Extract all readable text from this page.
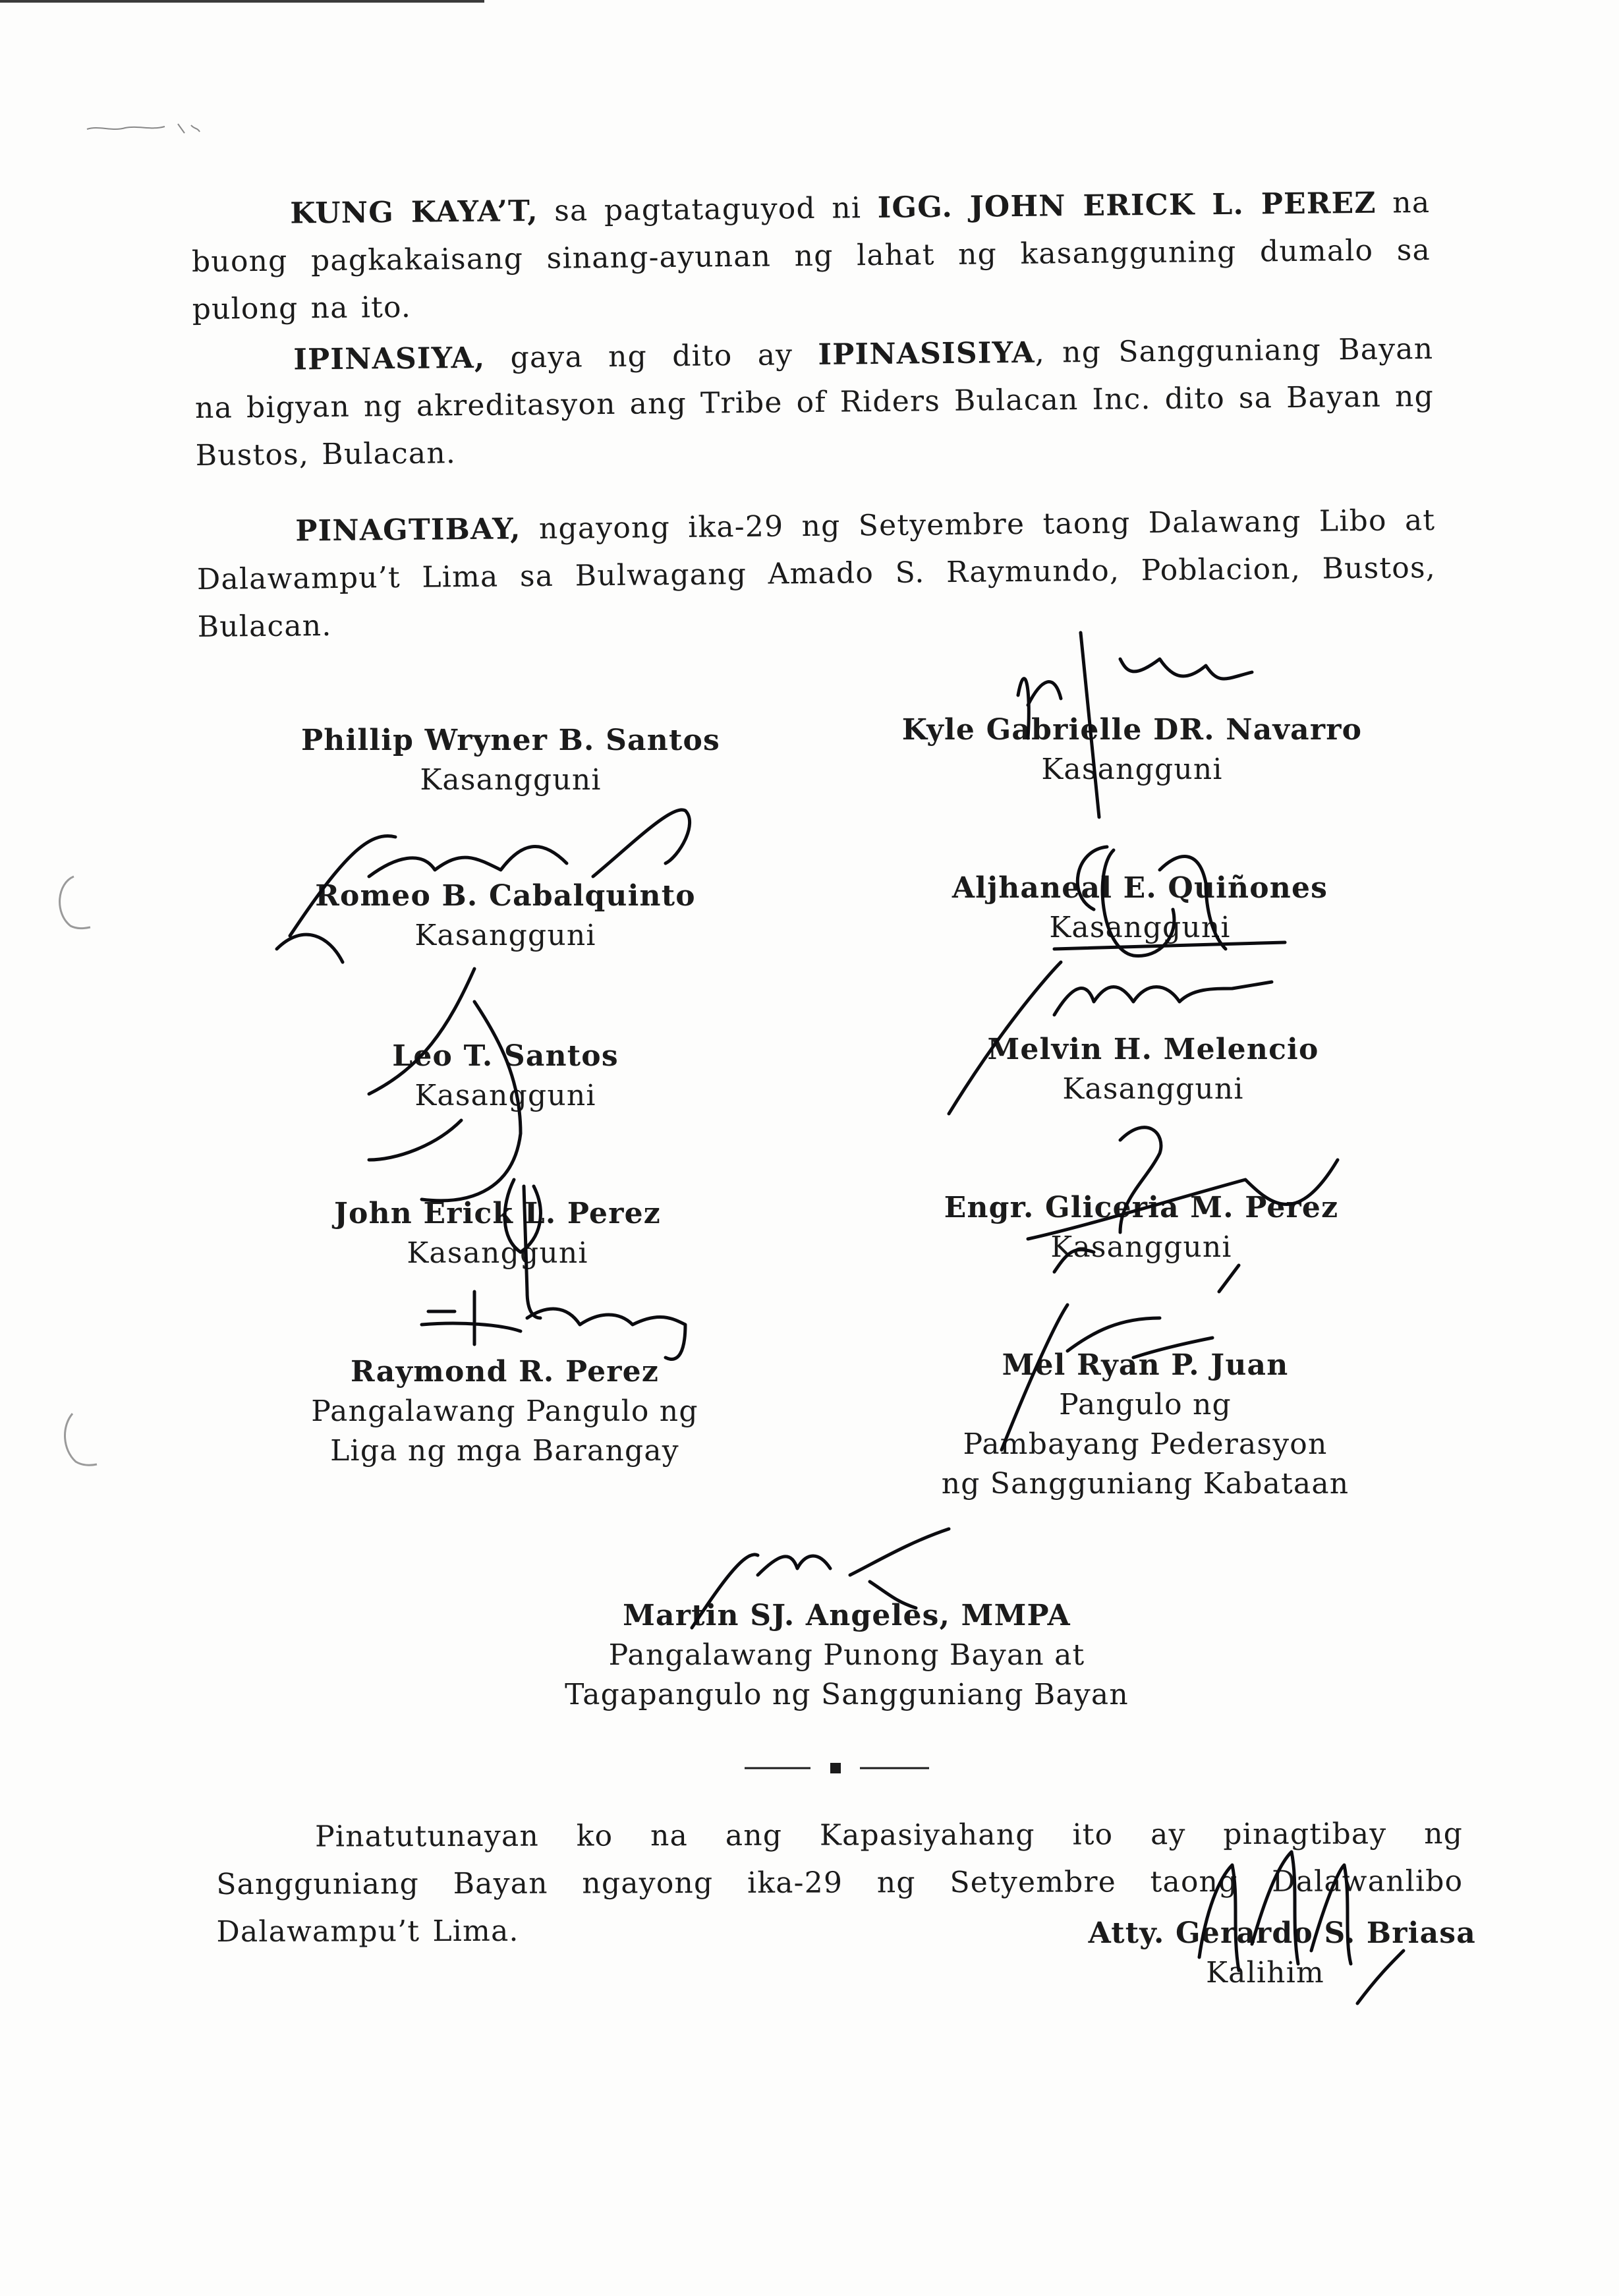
KUNG KAYA’T, sa pagtataguyod ni IGG. JOHN ERICK L. PEREZ na buong pagkakaisang sinang-ayunan ng lahat ng kasangguning dumalo sa pulong na ito.

IPINASIYA, gaya ng dito ay IPINASISIYA, ng Sangguniang Bayan na bigyan ng akreditasyon ang Tribe of Riders Bulacan Inc. dito sa Bayan ng Bustos, Bulacan.

PINAGTIBAY, ngayong ika-29 ng Setyembre taong Dalawang Libo at Dalawampu’t Lima sa Bulwagang Amado S. Raymundo, Poblacion, Bustos, Bulacan.

Phillip Wryner B. Santos
Kasangguni
Kyle Gabrielle DR. Navarro
Kasangguni
Romeo B. Cabalquinto
Kasangguni
Aljhaneal E. Quiñones
Kasangguni
Leo T. Santos
Kasangguni
Melvin H. Melencio
Kasangguni
John Erick L. Perez
Kasangguni
Engr. Gliceria M. Perez
Kasangguni
Raymond R. Perez
Pangalawang Pangulo ng
Liga ng mga Barangay
Mel Ryan P. Juan
Pangulo ng
Pambayang Pederasyon
ng Sangguniang Kabataan
Martin SJ. Angeles, MMPA
Pangalawang Punong Bayan at
Tagapangulo ng Sangguniang Bayan

Pinatutunayan ko na ang Kapasiyahang ito ay pinagtibay ng Sangguniang Bayan ngayong ika-29 ng Setyembre taong Dalawanlibo Dalawampu’t Lima.	Atty. Gerardo S. Briasa
Kalihim
